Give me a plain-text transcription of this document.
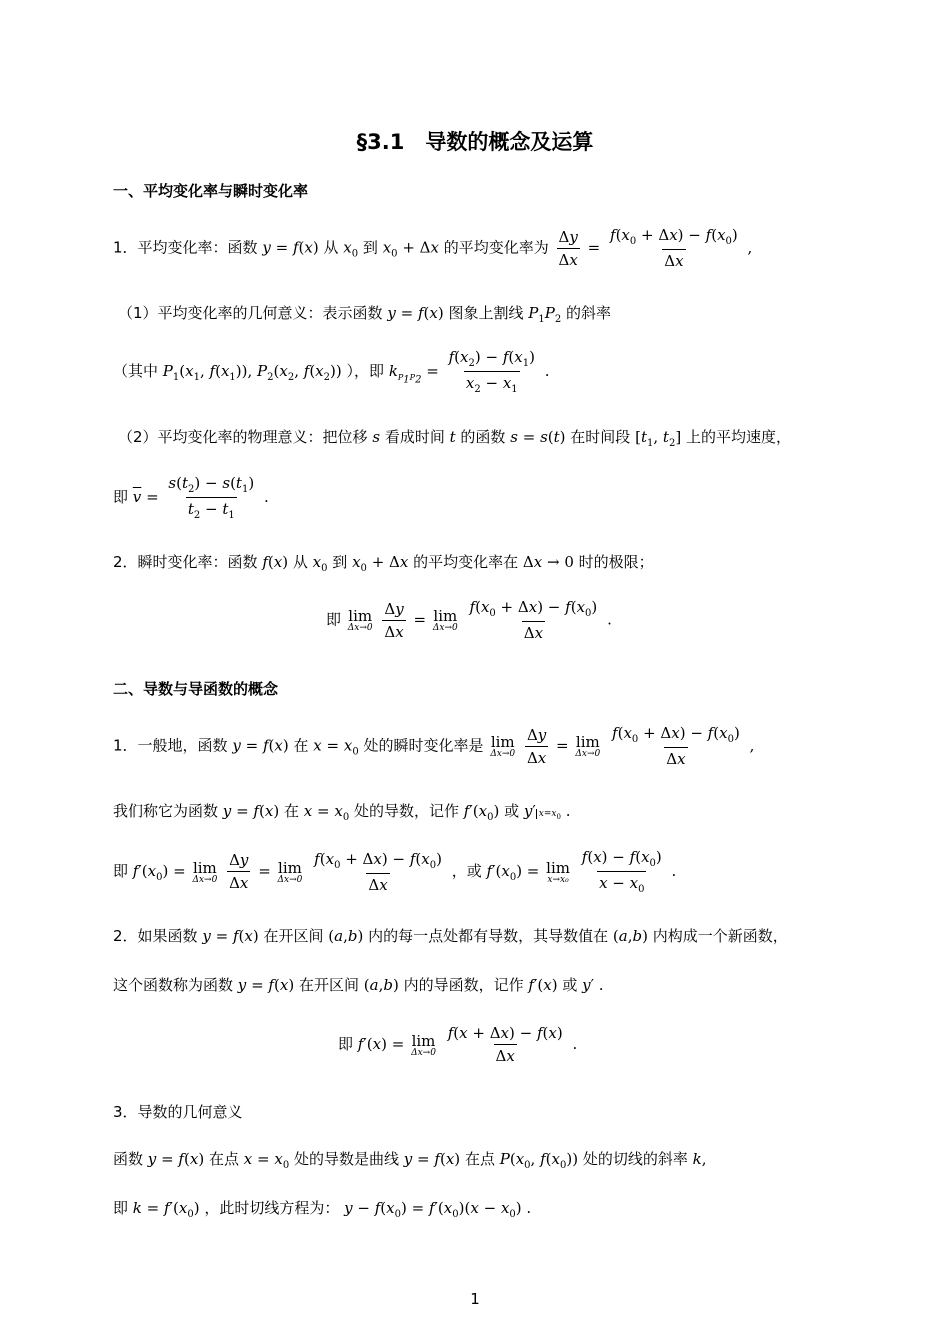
§3.1　导数的概念及运算
一、平均变化率与瞬时变化率
1．平均变化率：函数 y = f(x) 从 $x_0$ 到 $x_0 + \Delta x$ 的平均变化率为 $\frac{\Delta y}{\Delta x} = \frac{f(x_0 + \Delta x) - f(x_0)}{\Delta x}$ ,
（1）平均变化率的几何意义：表示函数 y = f(x) 图象上割线 $P_1P_2$ 的斜率
（其中 $P_1(x_1$, $f(x_1)$), $P_2(x_2$, $f(x_2)$) ），即 $k_{P_1P_2} = \frac{f(x_2) - f(x_1)}{x_2 - x_1}$ .
（2）平均变化率的物理意义：把位移 s 看成时间 t 的函数 s = s(t) 在时间段 [$t_1$, $t_2$] 上的平均速度，
即 $\overline{v} = \frac{s(t_2) - s(t_1)}{t_2 - t_1}$ .
2．瞬时变化率：函数 f(x) 从 $x_0$ 到 $x_0 + \Delta x$ 的平均变化率在 Δx → 0 时的极限；
即 lim
Δx→0
$\frac{\Delta y}{\Delta x} = \lim$
Δx→0
$\frac{f(x_0 + \Delta x) - f(x_0)}{\Delta x}$ .
二、导数与导函数的概念
1．一般地，函数 y = f(x) 在 $x = x_0$ 处的瞬时变化率是 lim
Δx→0
$\frac{\Delta y}{\Delta x} = \lim$
Δx→0
$\frac{f(x_0 + \Delta x) - f(x_0)}{\Delta x}$ ,
我们称它为函数 y = f(x) 在 $x = x_0$ 处的导数，记作 $f'(x_0)$ 或 y′ $x=x_0$ .
即 $f'(x_0) = \lim$
Δx→0
$\frac{\Delta y}{\Delta x} = \lim$
Δx→0
$\frac{f(x_0 + \Delta x) - f(x_0)}{\Delta x}$ ，或 $f'(x_0) = \lim$
x→x₀
$\frac{f(x) - f(x_0)}{x - x_0}$ .
2．如果函数 y = f(x) 在开区间 (a,b) 内的每一点处都有导数，其导数值在 (a,b) 内构成一个新函数，
这个函数称为函数 y = f(x) 在开区间 (a,b) 内的导函数，记作 f′(x) 或 y′ .
即 f′(x) = lim
Δx→0
$\frac{f(x + \Delta x) - f(x)}{\Delta x}$ .
3．导数的几何意义
函数 y = f(x) 在点 $x = x_0$ 处的导数是曲线 y = f(x) 在点 $P(x_0$, $f(x_0)$) 处的切线的斜率 k,
即 $k = f'(x_0)$ ，此时切线方程为： $y - f(x_0) = f'(x_0)(x - x_0)$ .
1
